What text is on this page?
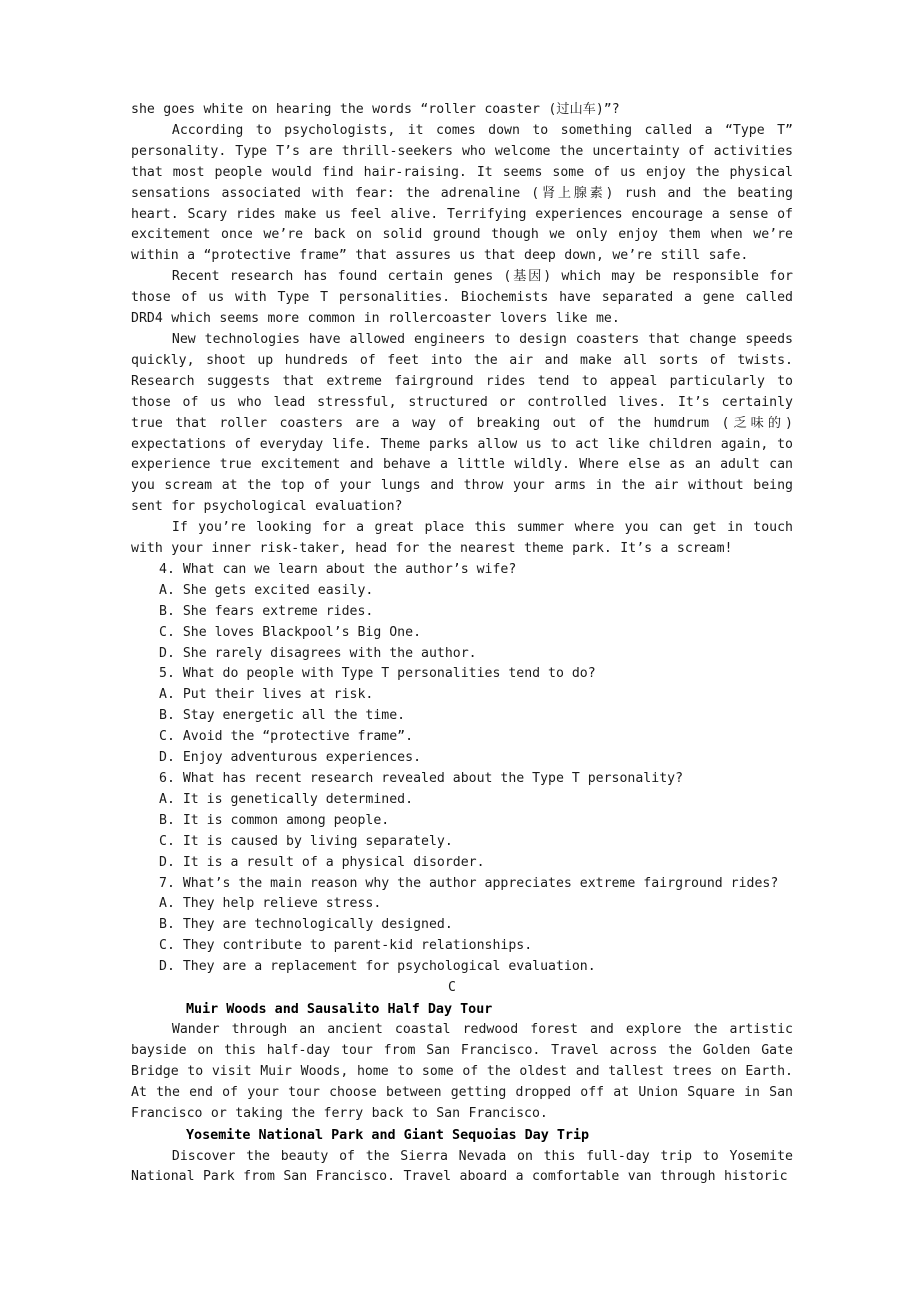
she goes white on hearing the words “roller coaster (过山车)”?

According to psychologists, it comes down to something called a “Type T” personality. Type T’s are thrill-seekers who welcome the uncertainty of activities that most people would find hair-raising. It seems some of us enjoy the physical sensations associated with fear: the adrenaline (肾上腺素) rush and the beating heart. Scary rides make us feel alive. Terrifying experiences encourage a sense of excitement once we’re back on solid ground though we only enjoy them when we’re within a “protective frame” that assures us that deep down, we’re still safe.

Recent research has found certain genes (基因) which may be responsible for those of us with Type T personalities. Biochemists have separated a gene called DRD4 which seems more common in rollercoaster lovers like me.

New technologies have allowed engineers to design coasters that change speeds quickly, shoot up hundreds of feet into the air and make all sorts of twists. Research suggests that extreme fairground rides tend to appeal particularly to those of us who lead stressful, structured or controlled lives. It’s certainly true that roller coasters are a way of breaking out of the humdrum (乏味的) expectations of everyday life. Theme parks allow us to act like children again, to experience true excitement and behave a little wildly. Where else as an adult can you scream at the top of your lungs and throw your arms in the air without being sent for psychological evaluation?

If you’re looking for a great place this summer where you can get in touch with your inner risk-taker, head for the nearest theme park. It’s a scream!

4. What can we learn about the author’s wife?

A. She gets excited easily.

B. She fears extreme rides.

C. She loves Blackpool’s Big One.

D. She rarely disagrees with the author.

5. What do people with Type T personalities tend to do?

A. Put their lives at risk.

B. Stay energetic all the time.

C. Avoid the “protective frame”.

D. Enjoy adventurous experiences.

6. What has recent research revealed about the Type T personality?

A. It is genetically determined.

B. It is common among people.

C. It is caused by living separately.

D. It is a result of a physical disorder.

7. What’s the main reason why the author appreciates extreme fairground rides?

A. They help relieve stress.

B. They are technologically designed.

C. They contribute to parent-kid relationships.

D. They are a replacement for psychological evaluation.

C

Muir Woods and Sausalito Half Day Tour

Wander through an ancient coastal redwood forest and explore the artistic bayside on this half-day tour from San Francisco. Travel across the Golden Gate Bridge to visit Muir Woods, home to some of the oldest and tallest trees on Earth. At the end of your tour choose between getting dropped off at Union Square in San Francisco or taking the ferry back to San Francisco.

Yosemite National Park and Giant Sequoias Day Trip

Discover the beauty of the Sierra Nevada on this full-day trip to Yosemite National Park from San Francisco. Travel aboard a comfortable van through historic
